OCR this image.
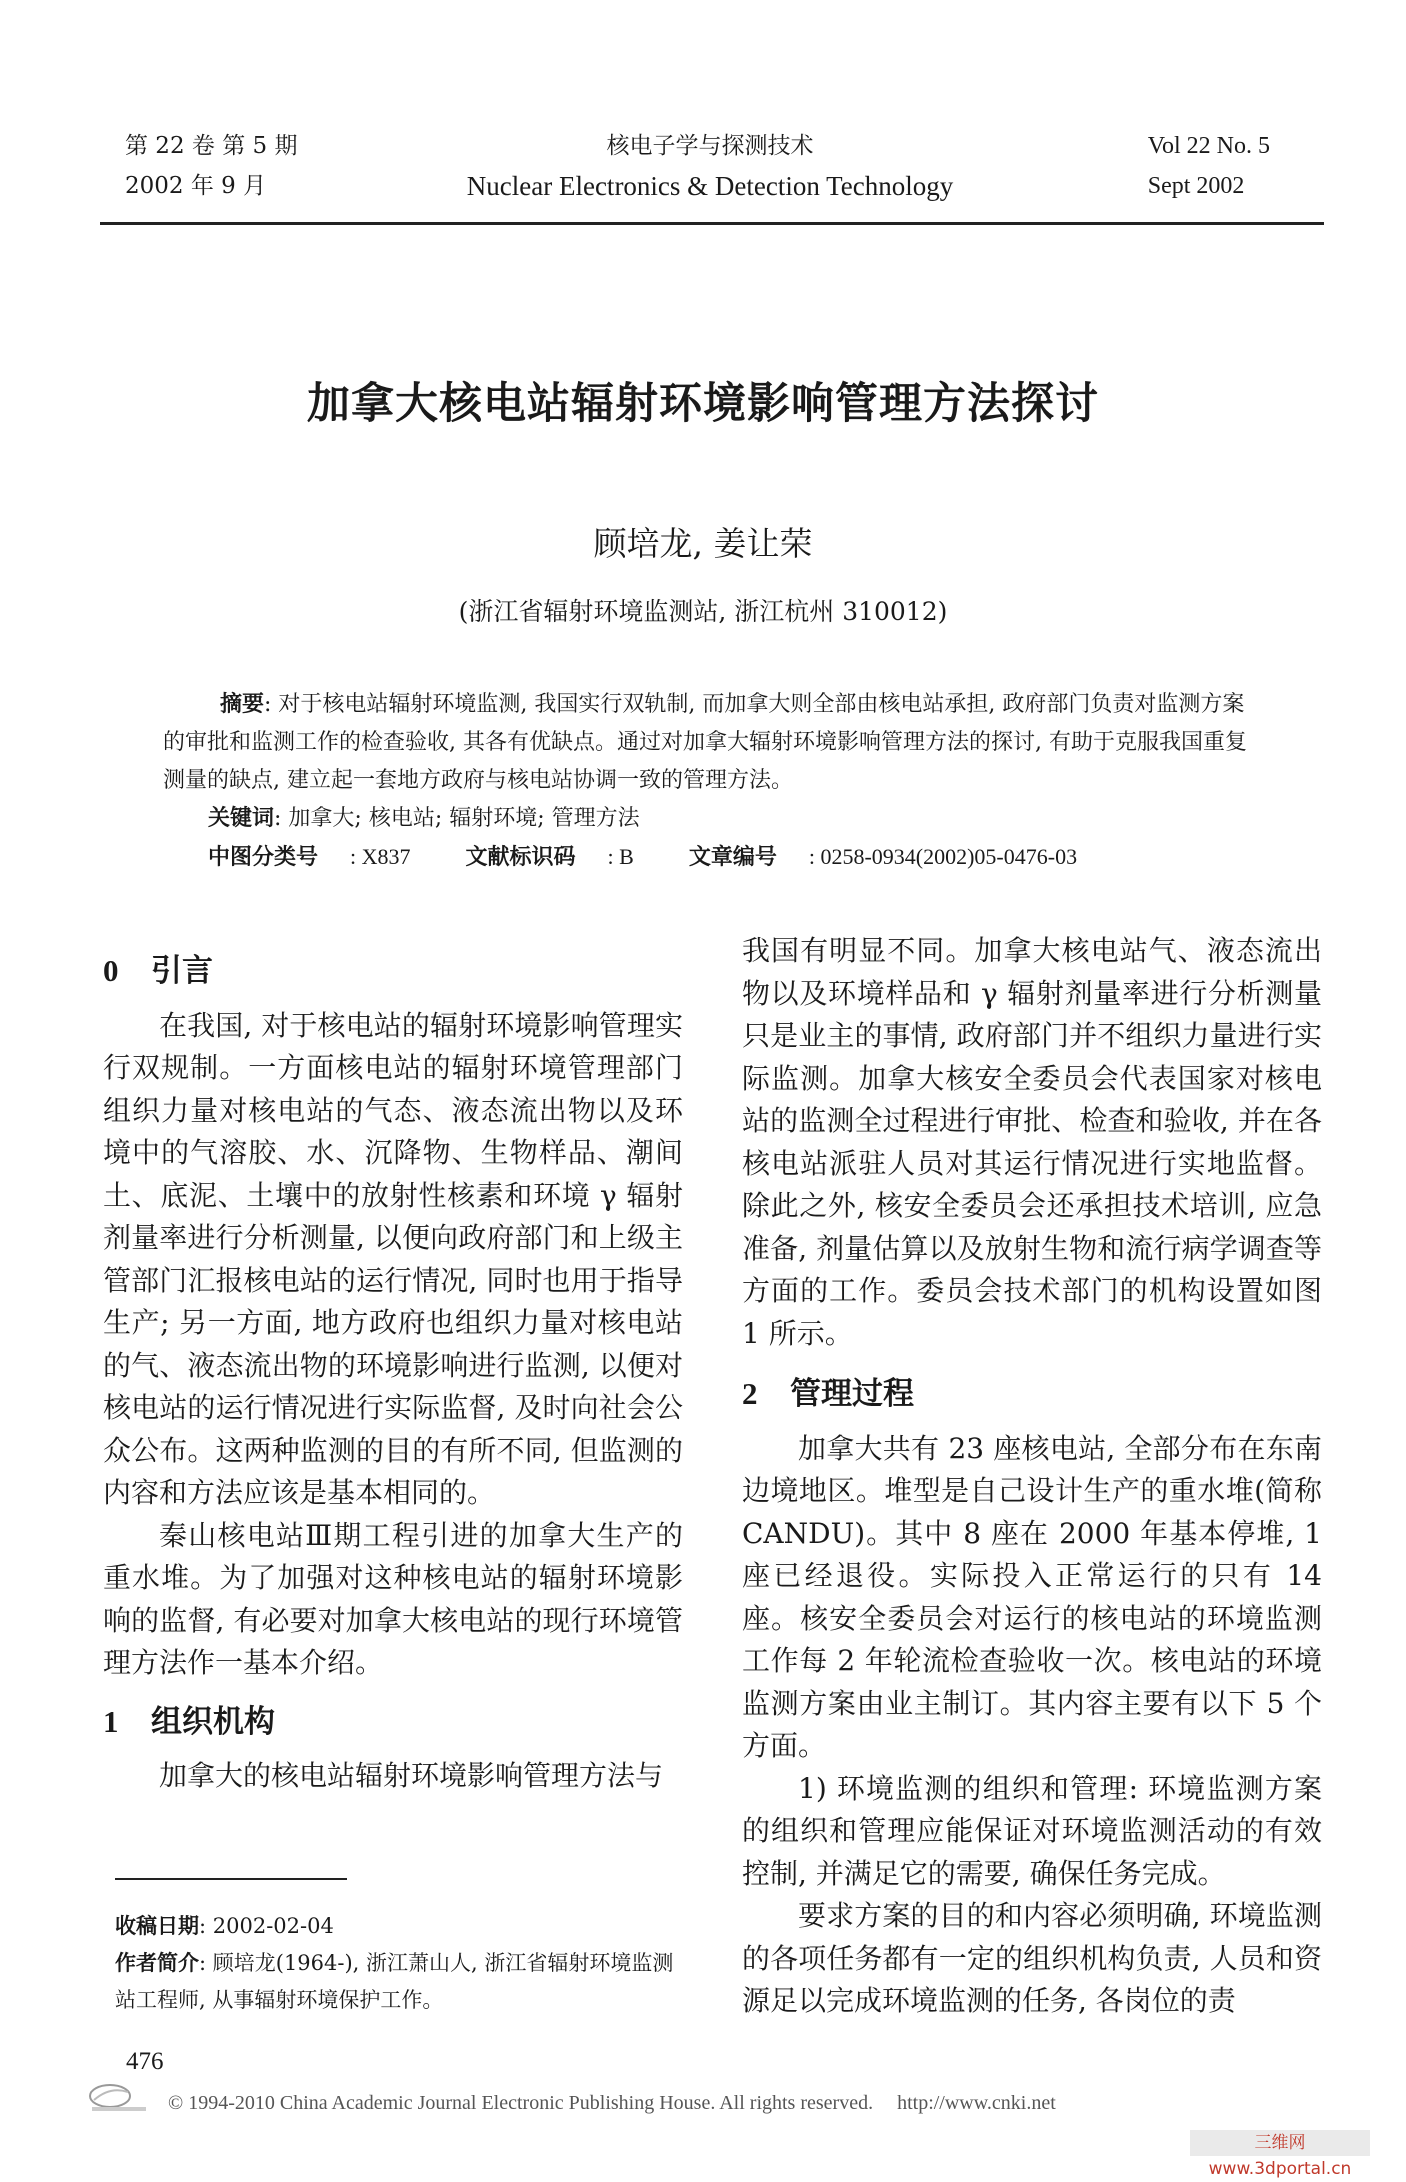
第 22 卷 第 5 期
2002 年 9 月
核电子学与探测技术
Nuclear Electronics & Detection Technology
Vol 22 No. 5
Sept 2002
加拿大核电站辐射环境影响管理方法探讨
顾培龙, 姜让荣
(浙江省辐射环境监测站, 浙江杭州 310012)

摘要: 对于核电站辐射环境监测, 我国实行双轨制, 而加拿大则全部由核电站承担, 政府部门负责对监测方案的审批和监测工作的检查验收, 其各有优缺点。通过对加拿大辐射环境影响管理方法的探讨, 有助于克服我国重复测量的缺点, 建立起一套地方政府与核电站协调一致的管理方法。

关键词: 加拿大; 核电站; 辐射环境; 管理方法

中图分类号 : X837	文献标识码 : B	文章编号 : 0258-0934(2002)05-0476-03

0 引言

在我国, 对于核电站的辐射环境影响管理实行双规制。一方面核电站的辐射环境管理部门组织力量对核电站的气态、液态流出物以及环境中的气溶胶、水、沉降物、生物样品、潮间土、底泥、土壤中的放射性核素和环境 γ 辐射剂量率进行分析测量, 以便向政府部门和上级主管部门汇报核电站的运行情况, 同时也用于指导生产; 另一方面, 地方政府也组织力量对核电站的气、液态流出物的环境影响进行监测, 以便对核电站的运行情况进行实际监督, 及时向社会公众公布。这两种监测的目的有所不同, 但监测的内容和方法应该是基本相同的。

秦山核电站Ⅲ期工程引进的加拿大生产的重水堆。为了加强对这种核电站的辐射环境影响的监督, 有必要对加拿大核电站的现行环境管理方法作一基本介绍。

1 组织机构

加拿大的核电站辐射环境影响管理方法与

我国有明显不同。加拿大核电站气、液态流出物以及环境样品和 γ 辐射剂量率进行分析测量只是业主的事情, 政府部门并不组织力量进行实际监测。加拿大核安全委员会代表国家对核电站的监测全过程进行审批、检查和验收, 并在各核电站派驻人员对其运行情况进行实地监督。除此之外, 核安全委员会还承担技术培训, 应急准备, 剂量估算以及放射生物和流行病学调查等方面的工作。委员会技术部门的机构设置如图 1 所示。

2 管理过程

加拿大共有 23 座核电站, 全部分布在东南边境地区。堆型是自己设计生产的重水堆(简称 CANDU)。其中 8 座在 2000 年基本停堆, 1 座已经退役。实际投入正常运行的只有 14 座。核安全委员会对运行的核电站的环境监测工作每 2 年轮流检查验收一次。核电站的环境监测方案由业主制订。其内容主要有以下 5 个方面。

1) 环境监测的组织和管理: 环境监测方案的组织和管理应能保证对环境监测活动的有效控制, 并满足它的需要, 确保任务完成。

要求方案的目的和内容必须明确, 环境监测的各项任务都有一定的组织机构负责, 人员和资源足以完成环境监测的任务, 各岗位的责

收稿日期: 2002-02-04

作者简介: 顾培龙(1964-), 浙江萧山人, 浙江省辐射环境监测站工程师, 从事辐射环境保护工作。

476
© 1994-2010 China Academic Journal Electronic Publishing House. All rights reserved. http://www.cnki.net
三维网 www.3dportal.cn
